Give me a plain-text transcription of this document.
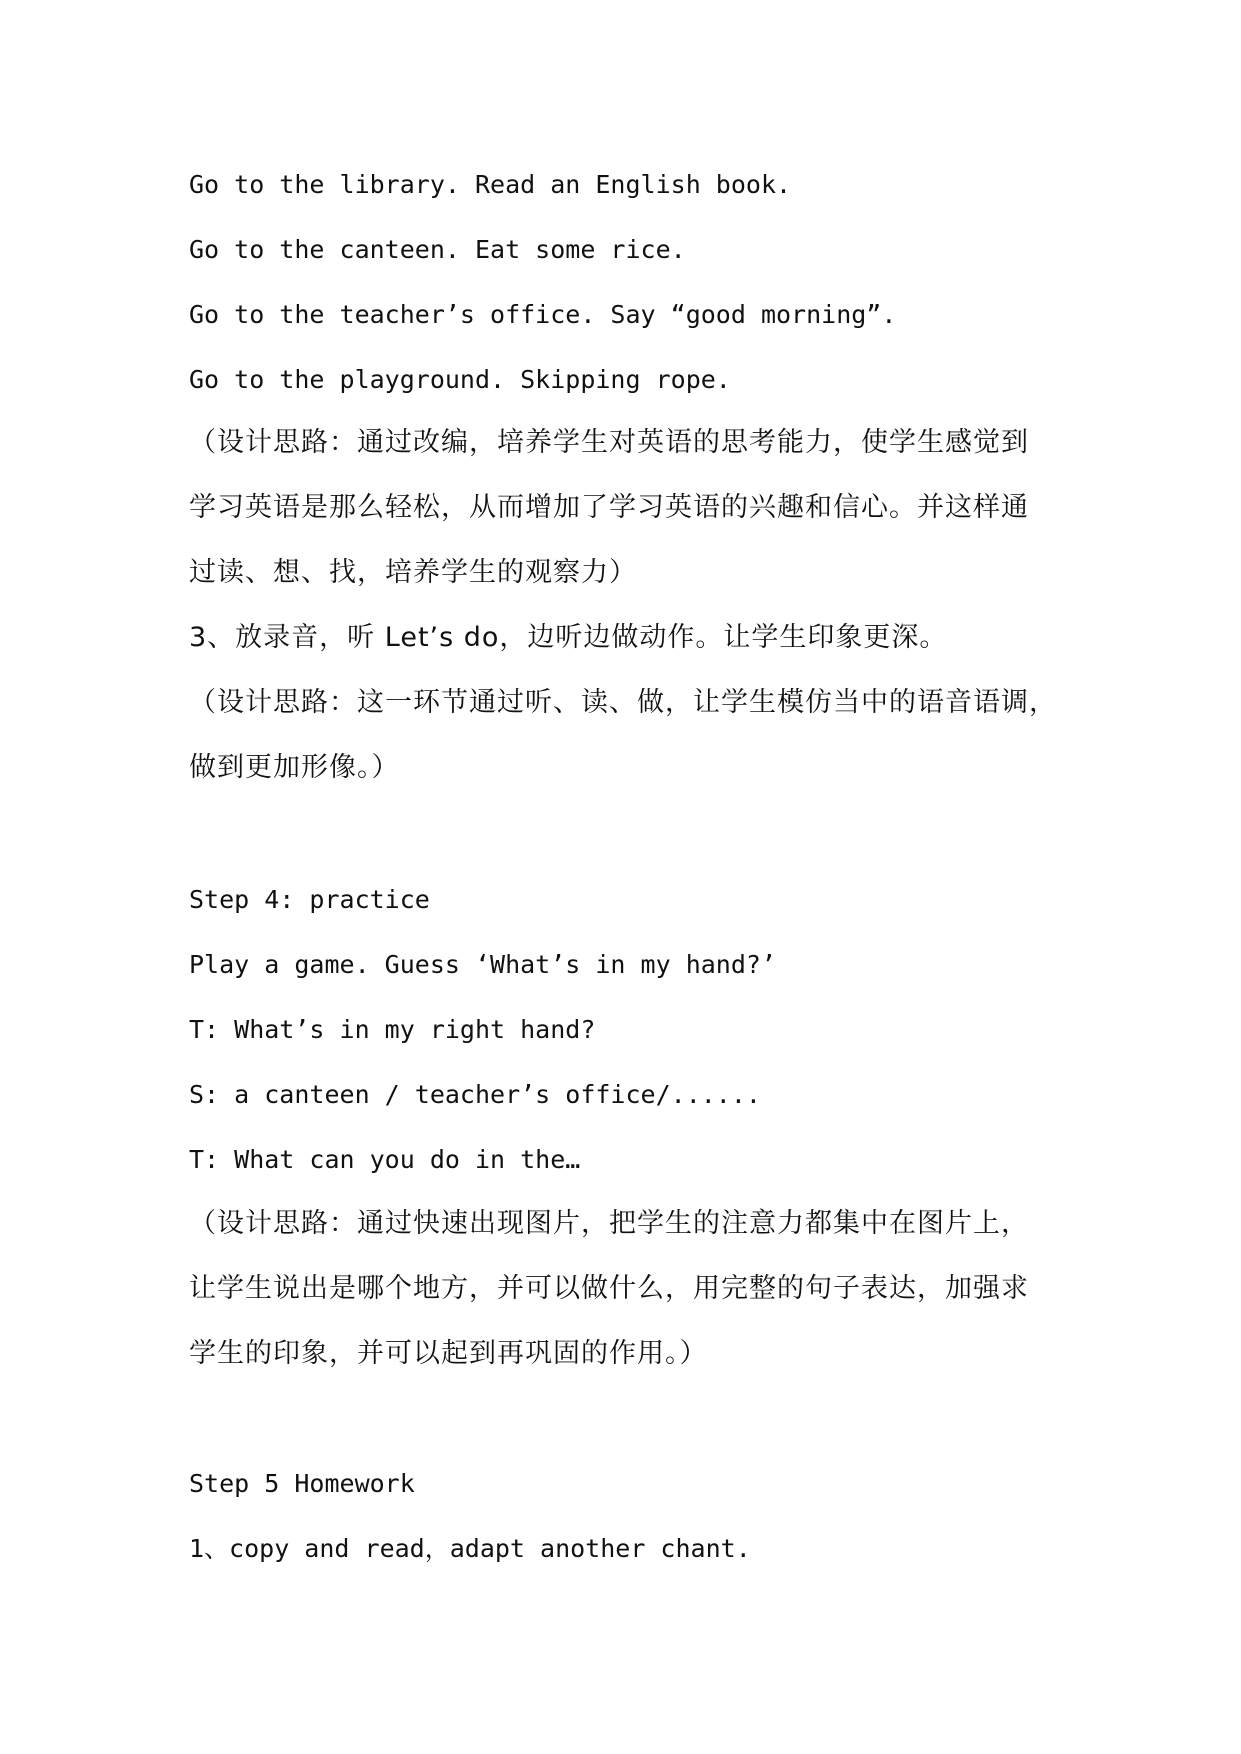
Go to the library. Read an English book.
Go to the canteen. Eat some rice.
Go to the teacher’s office. Say “good morning”.
Go to the playground. Skipping rope.
（设计思路：通过改编，培养学生对英语的思考能力，使学生感觉到
学习英语是那么轻松，从而增加了学习英语的兴趣和信心。并这样通
过读、想、找，培养学生的观察力）
3、放录音，听 Let’s do，边听边做动作。让学生印象更深。
（设计思路：这一环节通过听、读、做，让学生模仿当中的语音语调，
做到更加形像。）
Step 4: practice
Play a game. Guess ‘What’s in my hand?’
T: What’s in my right hand?
S: a canteen / teacher’s office/......
T: What can you do in the…
（设计思路：通过快速出现图片，把学生的注意力都集中在图片上，
让学生说出是哪个地方，并可以做什么，用完整的句子表达，加强求
学生的印象，并可以起到再巩固的作用。）
Step 5 Homework
1、copy and read，adapt another chant.
